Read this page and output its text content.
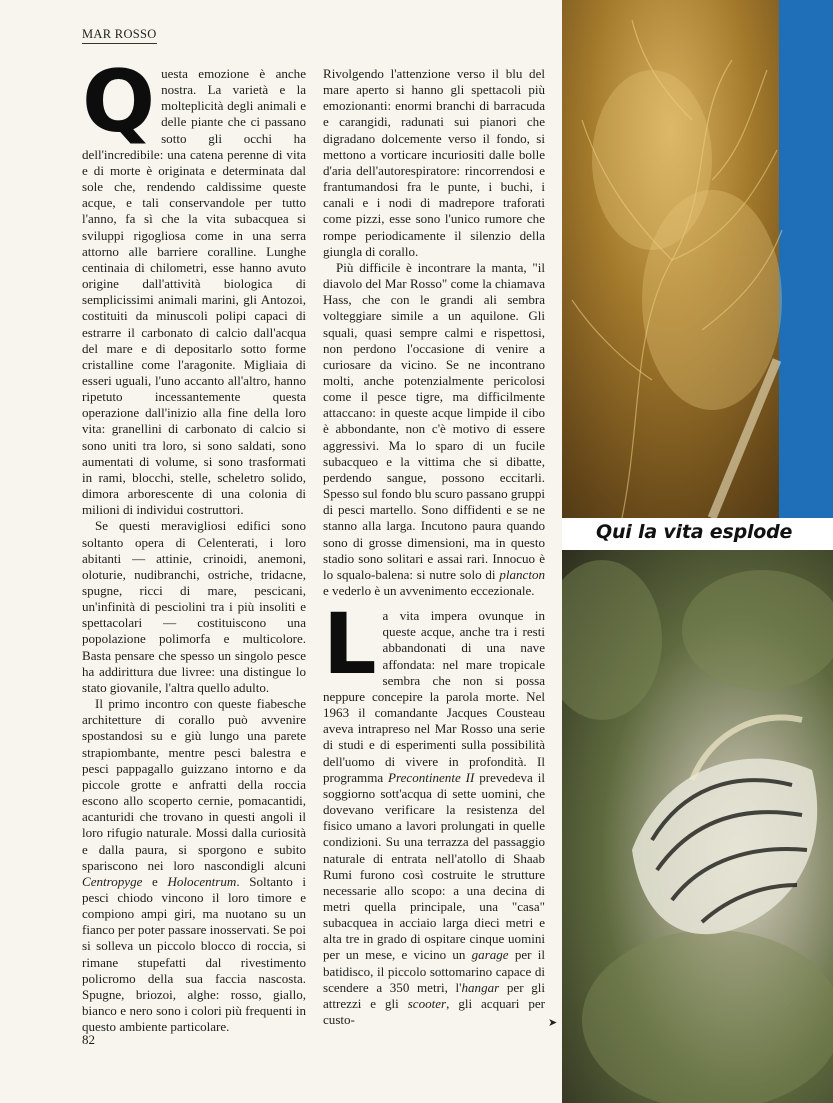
MAR ROSSO

Questa emozione è anche nostra. La varietà e la molteplicità degli animali e delle piante che ci passano sotto gli occhi ha dell'incredibile: una catena perenne di vita e di morte è originata e determinata dal sole che, rendendo caldissime queste acque, e tali conservandole per tutto l'anno, fa sì che la vita subacquea si sviluppi rigogliosa come in una serra attorno alle barriere coralline. Lunghe centinaia di chilometri, esse hanno avuto origine dall'attività biologica di semplicissimi animali marini, gli Antozoi, costituiti da minuscoli polipi capaci di estrarre il carbonato di calcio dall'acqua del mare e di depositarlo sotto forme cristalline come l'aragonite. Migliaia di esseri uguali, l'uno accanto all'altro, hanno ripetuto incessantemente questa operazione dall'inizio alla fine della loro vita: granellini di carbonato di calcio si sono uniti tra loro, si sono saldati, sono aumentati di volume, si sono trasformati in rami, blocchi, stelle, scheletro solido, dimora arborescente di una colonia di milioni di individui costruttori.

Se questi meravigliosi edifici sono soltanto opera di Celenterati, i loro abitanti — attinie, crinoidi, anemoni, oloturie, nudibranchi, ostriche, tridacne, spugne, ricci di mare, pescicani, un'infinità di pesciolini tra i più insoliti e spettacolari — costituiscono una popolazione polimorfa e multicolore. Basta pensare che spesso un singolo pesce ha addirittura due livree: una distingue lo stato giovanile, l'altra quello adulto.

Il primo incontro con queste fiabesche architetture di corallo può avvenire spostandosi su e giù lungo una parete strapiombante, mentre pesci balestra e pesci pappagallo guizzano intorno e da piccole grotte e anfratti della roccia escono allo scoperto cernie, pomacantidi, acanturidi che trovano in questi angoli il loro rifugio naturale. Mossi dalla curiosità e dalla paura, si sporgono e subito spariscono nei loro nascondigli alcuni Centropyge e Holocentrum. Soltanto i pesci chiodo vincono il loro timore e compiono ampi giri, ma nuotano su un fianco per poter passare inosservati. Se poi si solleva un piccolo blocco di roccia, si rimane stupefatti dal rivestimento policromo della sua faccia nascosta. Spugne, briozoi, alghe: rosso, giallo, bianco e nero sono i colori più frequenti in questo ambiente particolare.

Rivolgendo l'attenzione verso il blu del mare aperto si hanno gli spettacoli più emozionanti: enormi branchi di barracuda e carangidi, radunati sui pianori che digradano dolcemente verso il fondo, si mettono a vorticare incuriositi dalle bolle d'aria dell'autorespiratore: rincorrendosi e frantumandosi fra le punte, i buchi, i canali e i nodi di madrepore traforati come pizzi, esse sono l'unico rumore che rompe periodicamente il silenzio della giungla di corallo.

Più difficile è incontrare la manta, "il diavolo del Mar Rosso" come la chiamava Hass, che con le grandi ali sembra volteggiare simile a un aquilone. Gli squali, quasi sempre calmi e rispettosi, non perdono l'occasione di venire a curiosare da vicino. Se ne incontrano molti, anche potenzialmente pericolosi come il pesce tigre, ma difficilmente attaccano: in queste acque limpide il cibo è abbondante, non c'è motivo di essere aggressivi. Ma lo sparo di un fucile subacqueo e la vittima che si dibatte, perdendo sangue, possono eccitarli. Spesso sul fondo blu scuro passano gruppi di pesci martello. Sono diffidenti e se ne stanno alla larga. Incutono paura quando sono di grosse dimensioni, ma in questo stadio sono solitari e assai rari. Innocuo è lo squalo-balena: si nutre solo di plancton e vederlo è un avvenimento eccezionale.

La vita impera ovunque in queste acque, anche tra i resti abbandonati di una nave affondata: nel mare tropicale sembra che non si possa neppure concepire la parola morte. Nel 1963 il comandante Jacques Cousteau aveva intrapreso nel Mar Rosso una serie di studi e di esperimenti sulla possibilità dell'uomo di vivere in profondità. Il programma Precontinente II prevedeva il soggiorno sott'acqua di sette uomini, che dovevano verificare la resistenza del fisico umano a lavori prolungati in quelle condizioni. Su una terrazza del passaggio naturale di entrata nell'atollo di Shaab Rumi furono così costruite le strutture necessarie allo scopo: a una decina di metri quella principale, una "casa" subacquea in acciaio larga dieci metri e alta tre in grado di ospitare cinque uomini per un mese, e vicino un garage per il batidisco, il piccolo sottomarino capace di scendere a 350 metri, l'hangar per gli attrezzi e gli scooter, gli acquari per custo-	➤
Qui la vita esplode
82
